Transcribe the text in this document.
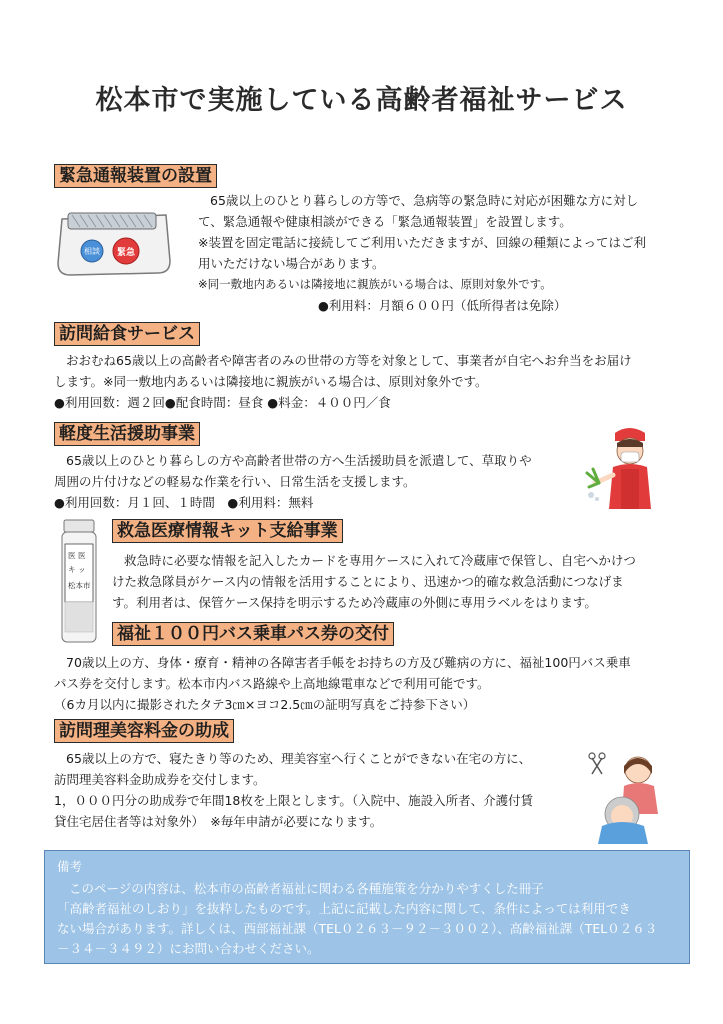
松本市で実施している高齢者福祉サービス
緊急通報装置の設置
相談 緊急

65歳以上のひとり暮らしの方等で、急病等の緊急時に対応が困難な方に対し

て、緊急通報や健康相談ができる「緊急通報装置」を設置します。

※装置を固定電話に接続してご利用いただきますが、回線の種類によってはご利

用いただけない場合があります。

※同一敷地内あるいは隣接地に親族がいる場合は、原則対象外です。

●利用料：月額６００円（低所得者は免除）
訪問給食サービス

おおむね65歳以上の高齢者や障害者のみの世帯の方等を対象として、事業者が自宅へお弁当をお届け

します。※同一敷地内あるいは隣接地に親族がいる場合は、原則対象外です。

●利用回数：週２回●配食時間：昼食 ●料金：４００円／食

軽度生活援助事業

65歳以上のひとり暮らしの方や高齢者世帯の方へ生活援助員を派遣して、草取りや

周囲の片付けなどの軽易な作業を行い、日常生活を支援します。

●利用回数：月１回、１時間　●利用料：無料

医 医 キ ッ 松本市
救急医療情報キット支給事業

救急時に必要な情報を記入したカードを専用ケースに入れて冷蔵庫で保管し、自宅へかけつ

けた救急隊員がケース内の情報を活用することにより、迅速かつ的確な救急活動につなげま

す。利用者は、保管ケース保持を明示するため冷蔵庫の外側に専用ラベルをはります。

福祉１００円バス乗車パス券の交付

70歳以上の方、身体・療育・精神の各障害者手帳をお持ちの方及び難病の方に、福祉100円バス乗車

パス券を交付します。松本市内バス路線や上高地線電車などで利用可能です。

（6カ月以内に撮影されたタテ3㎝×ヨコ2.5㎝の証明写真をご持参下さい）

訪問理美容料金の助成

65歳以上の方で、寝たきり等のため、理美容室へ行くことができない在宅の方に、

訪問理美容料金助成券を交付します。

1，０００円分の助成券で年間18枚を上限とします。（入院中、施設入所者、介護付賃

貸住宅居住者等は対象外）　※毎年申請が必要になります。

備考
このページの内容は、松本市の高齢者福祉に関わる各種施策を分かりやすくした冊子
「高齢者福祉のしおり」を抜粋したものです。上記に記載した内容に関して、条件によっては利用でき
ない場合があります。詳しくは、西部福祉課（TEL０２６３－９２－３００２）、高齢福祉課（TEL０２６３
－３４－３４９２）にお問い合わせください。
